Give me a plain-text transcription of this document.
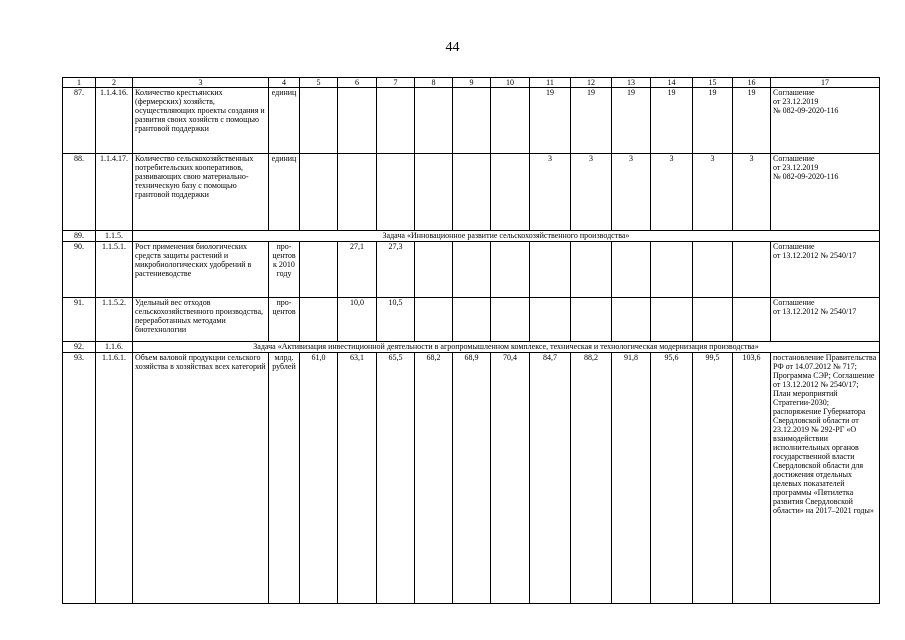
44
1	2	3	4	5	6	7	8	9	10	11	12	13	14	15	16	17
87.	1.1.4.16.	Количество крестьянских (фермерских) хозяйств, осуществляющих проекты создания и развития своих хозяйств с помощью грантовой поддержки	единиц							19	19	19	19	19	19	Соглашение
от 23.12.2019
№ 082-09-2020-116
88.	1.1.4.17.	Количество сельскохозяйственных потребительских кооперативов, развивающих свою материально-техническую базу с помощью грантовой поддержки	единиц							3	3	3	3	3	3	Соглашение
от 23.12.2019
№ 082-09-2020-116
89.	1.1.5.	Задача «Инновационное развитие сельскохозяйственного производства»														
90.	1.1.5.1.	Рост применения биологических средств защиты растений и микробиологических удобрений в растениеводстве	про-
центов
к 2010
году		27,1	27,3										Соглашение
от 13.12.2012 № 2540/17
91.	1.1.5.2.	Удельный вес отходов сельскохозяйственного производства, переработанных методами биотехнологии	про-
центов		10,0	10,5										Соглашение
от 13.12.2012 № 2540/17
92.	1.1.6.	Задача «Активизация инвестиционной деятельности в агропромышленном комплексе, техническая и технологическая модернизация производства»														
93.	1.1.6.1.	Объем валовой продукции сельского хозяйства в хозяйствах всех категорий	млрд.
рублей	61,0	63,1	65,5	68,2	68,9	70,4	84,7	88,2	91,8	95,6	99,5	103,6	постановление Правительства РФ от 14.07.2012 № 717; Программа СЭР; Соглашение от 13.12.2012 № 2540/17; План мероприятий Стратегии-2030; распоряжение Губернатора Свердловской области от 23.12.2019 № 292-РГ «О взаимодействии исполнительных органов государственной власти Свердловской области для достижения отдельных целевых показателей программы «Пятилетка развития Свердловской области» на 2017–2021 годы»
